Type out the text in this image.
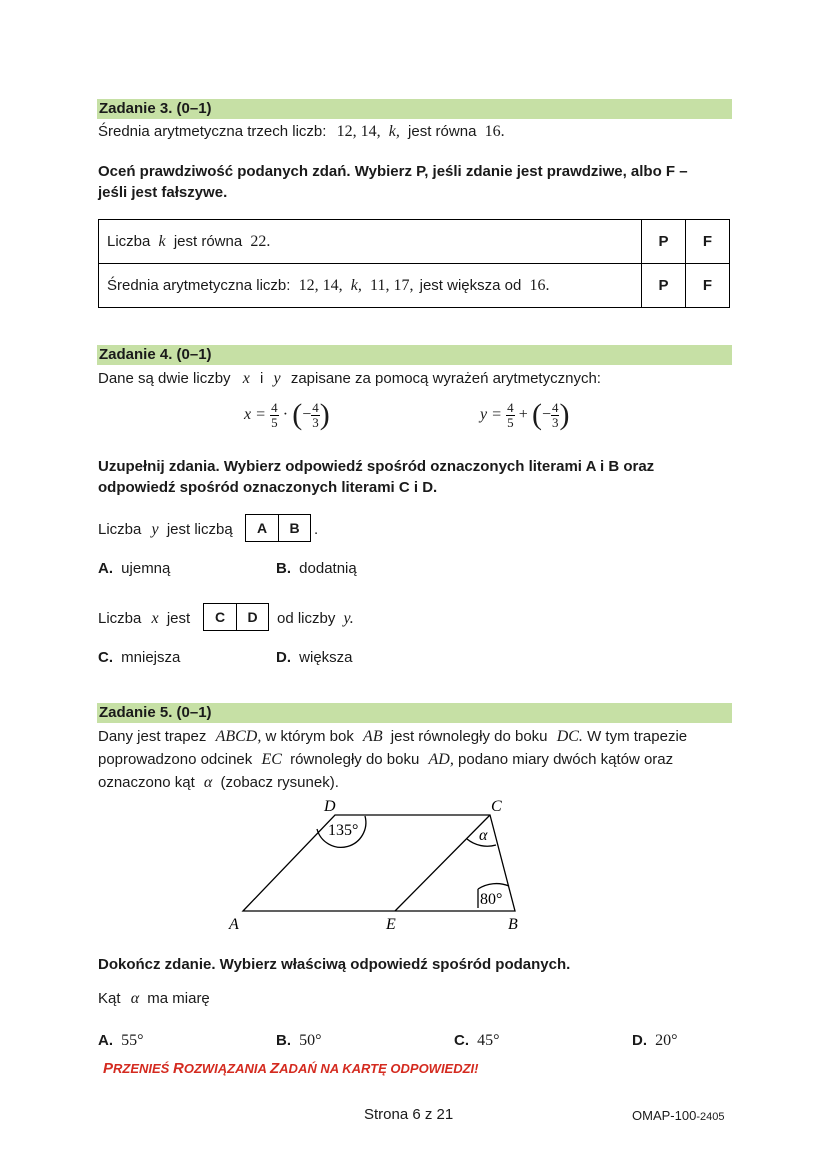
Zadanie 3. (0–1)
Średnia arytmetyczna trzech liczb: 12, 14, k, jest równa 16.
Oceń prawdziwość podanych zdań. Wybierz P, jeśli zdanie jest prawdziwe, albo F –
jeśli jest fałszywe.
Liczba k jest równa 22.	P	F
Średnia arytmetyczna liczb: 12, 14, k, 11, 17, jest większa od 16.	P	F
Zadanie 4. (0–1)
Dane są dwie liczby x i y zapisane za pomocą wyrażeń arytmetycznych:
$x = \frac{4}{5}$ · (− $\frac{4}{3}$ )	$y = \frac{4}{5}$ + (− $\frac{4}{3}$ )
Uzupełnij zdania. Wybierz odpowiedź spośród oznaczonych literami A i B oraz
odpowiedź spośród oznaczonych literami C i D.
Liczba y jest liczbą	A	B .
A. ujemną	B. dodatnią
Liczba x jest	C	D	od liczby y.
C. mniejsza	D. większa
Zadanie 5. (0–1)
Dany jest trapez ABCD, w którym bok AB jest równoległy do boku DC. W tym trapezie
poprowadzono odcinek EC równoległy do boku AD, podano miary dwóch kątów oraz
oznaczono kąt α (zobacz rysunek).
A	B
C
D
E
135°	α
80°
Dokończ zdanie. Wybierz właściwą odpowiedź spośród podanych.
Kąt α ma miarę
A. 55°	B. 50°	C. 45°	D. 20°
PRZENIEŚ ROZWIĄZANIA ZADAŃ NA KARTĘ ODPOWIEDZI!
Strona 6 z 21	OMAP-100-2405
